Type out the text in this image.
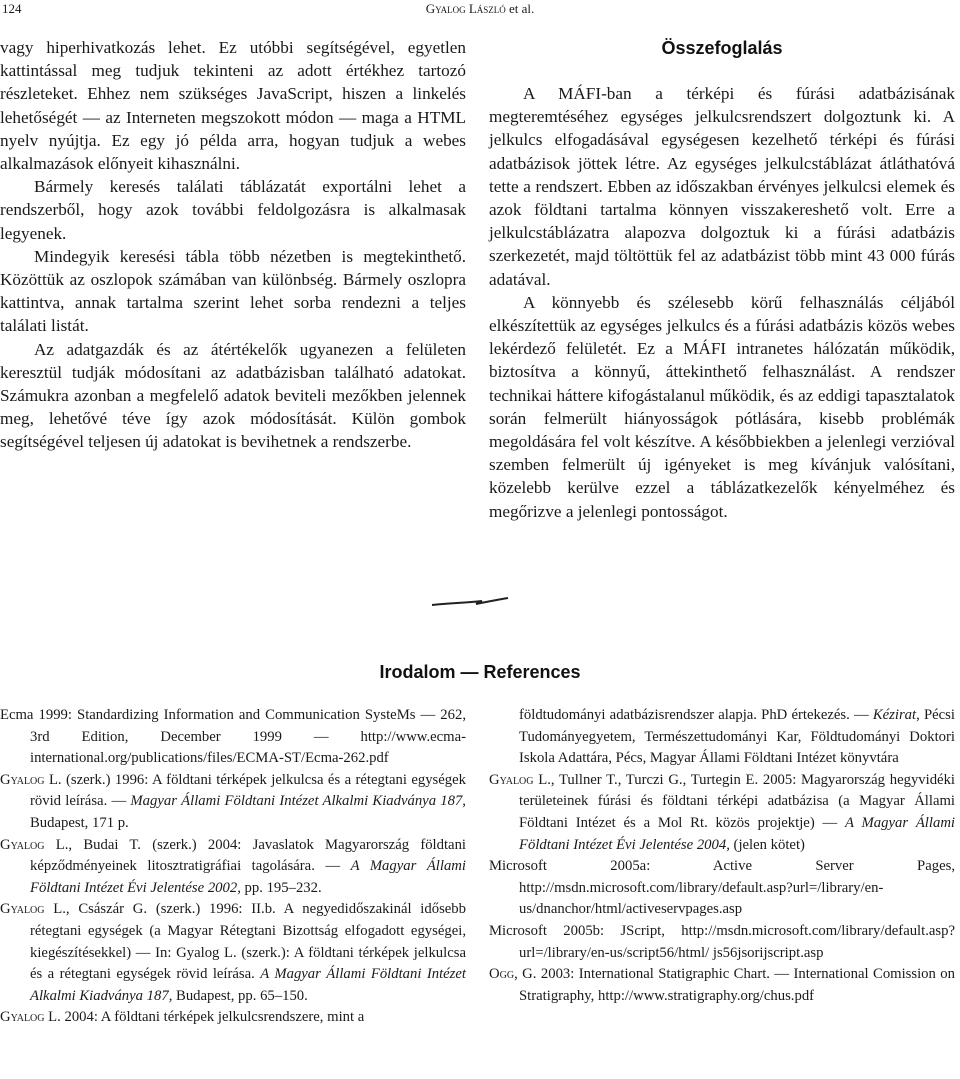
124	Gyalog László et al.

vagy hiperhivatkozás lehet. Ez utóbbi segítségével, egyetlen kattintással meg tudjuk tekinteni az adott értékhez tartozó részleteket. Ehhez nem szükséges JavaScript, hiszen a linkelés lehetőségét — az Interneten megszokott módon — maga a HTML nyelv nyújtja. Ez egy jó példa arra, hogyan tudjuk a webes alkalmazások előnyeit kihasználni.

Bármely keresés találati táblázatát exportálni lehet a rendszerből, hogy azok további feldolgozásra is alkalmasak legyenek.

Mindegyik keresési tábla több nézetben is megtekinthető. Közöttük az oszlopok számában van különbség. Bármely oszlopra kattintva, annak tartalma szerint lehet sorba rendezni a teljes találati listát.

Az adatgazdák és az átértékelők ugyanezen a felületen keresztül tudják módosítani az adatbázisban található adatokat. Számukra azonban a megfelelő adatok beviteli mezőkben jelennek meg, lehetővé téve így azok módosítását. Külön gombok segítségével teljesen új adatokat is bevihetnek a rendszerbe.

Összefoglalás

A MÁFI-ban a térképi és fúrási adatbázisának megteremtéséhez egységes jelkulcsrendszert dolgoztunk ki. A jelkulcs elfogadásával egységesen kezelhető térképi és fúrási adatbázisok jöttek létre. Az egységes jelkulcstáblázat átláthatóvá tette a rendszert. Ebben az időszakban érvényes jelkulcsi elemek és azok földtani tartalma könnyen visszakereshető volt. Erre a jelkulcstáblázatra alapozva dolgoztuk ki a fúrási adatbázis szerkezetét, majd töltöttük fel az adatbázist több mint 43 000 fúrás adatával.

A könnyebb és szélesebb körű felhasználás céljából elkészítettük az egységes jelkulcs és a fúrási adatbázis közös webes lekérdező felületét. Ez a MÁFI intranetes hálózatán működik, biztosítva a könnyű, áttekinthető felhasználást. A rendszer technikai háttere kifogástalanul működik, és az eddigi tapasztalatok során felmerült hiányosságok pótlására, kisebb problémák megoldására fel volt készítve. A későbbiekben a jelenlegi verzióval szemben felmerült új igényeket is meg kívánjuk valósítani, közelebb kerülve ezzel a táblázatkezelők kényelméhez és megőrizve a jelenlegi pontosságot.

Irodalom — References

Ecma 1999: Standardizing Information and Communication SysteMs — 262, 3rd Edition, December 1999 — http://www.ecma-international.org/publications/files/ECMA-ST/Ecma-262.pdf

Gyalog L. (szerk.) 1996: A földtani térképek jelkulcsa és a rétegtani egységek rövid leírása. — Magyar Állami Földtani Intézet Alkalmi Kiadványa 187, Budapest, 171 p.

Gyalog L., Budai T. (szerk.) 2004: Javaslatok Magyarország földtani képződményeinek litosztratigráfiai tagolására. — A Magyar Állami Földtani Intézet Évi Jelentése 2002, pp. 195–232.

Gyalog L., Császár G. (szerk.) 1996: II.b. A negyedidőszakinál idősebb rétegtani egységek (a Magyar Rétegtani Bizottság elfogadott egységei, kiegészítésekkel) — In: Gyalog L. (szerk.): A földtani térképek jelkulcsa és a rétegtani egységek rövid leírása. A Magyar Állami Földtani Intézet Alkalmi Kiadványa 187, Budapest, pp. 65–150.

Gyalog L. 2004: A földtani térképek jelkulcsrendszere, mint a

földtudományi adatbázisrendszer alapja. PhD értekezés. — Kézirat, Pécsi Tudományegyetem, Természettudományi Kar, Földtudományi Doktori Iskola Adattára, Pécs, Magyar Állami Földtani Intézet könyvtára

Gyalog L., Tullner T., Turczi G., Turtegin E. 2005: Magyarország hegyvidéki területeinek fúrási és földtani térképi adatbázisa (a Magyar Állami Földtani Intézet és a Mol Rt. közös projektje) — A Magyar Állami Földtani Intézet Évi Jelentése 2004, (jelen kötet)

Microsoft 2005a: Active Server Pages, http://msdn.microsoft.com/library/default.asp?url=/library/en-us/dnanchor/html/activeservpages.asp

Microsoft 2005b: JScript, http://msdn.microsoft.com/library/default.asp?url=/library/en-us/script56/html/ js56jsorijscript.asp

Ogg, G. 2003: International Statigraphic Chart. — International Comission on Stratigraphy, http://www.stratigraphy.org/chus.pdf
